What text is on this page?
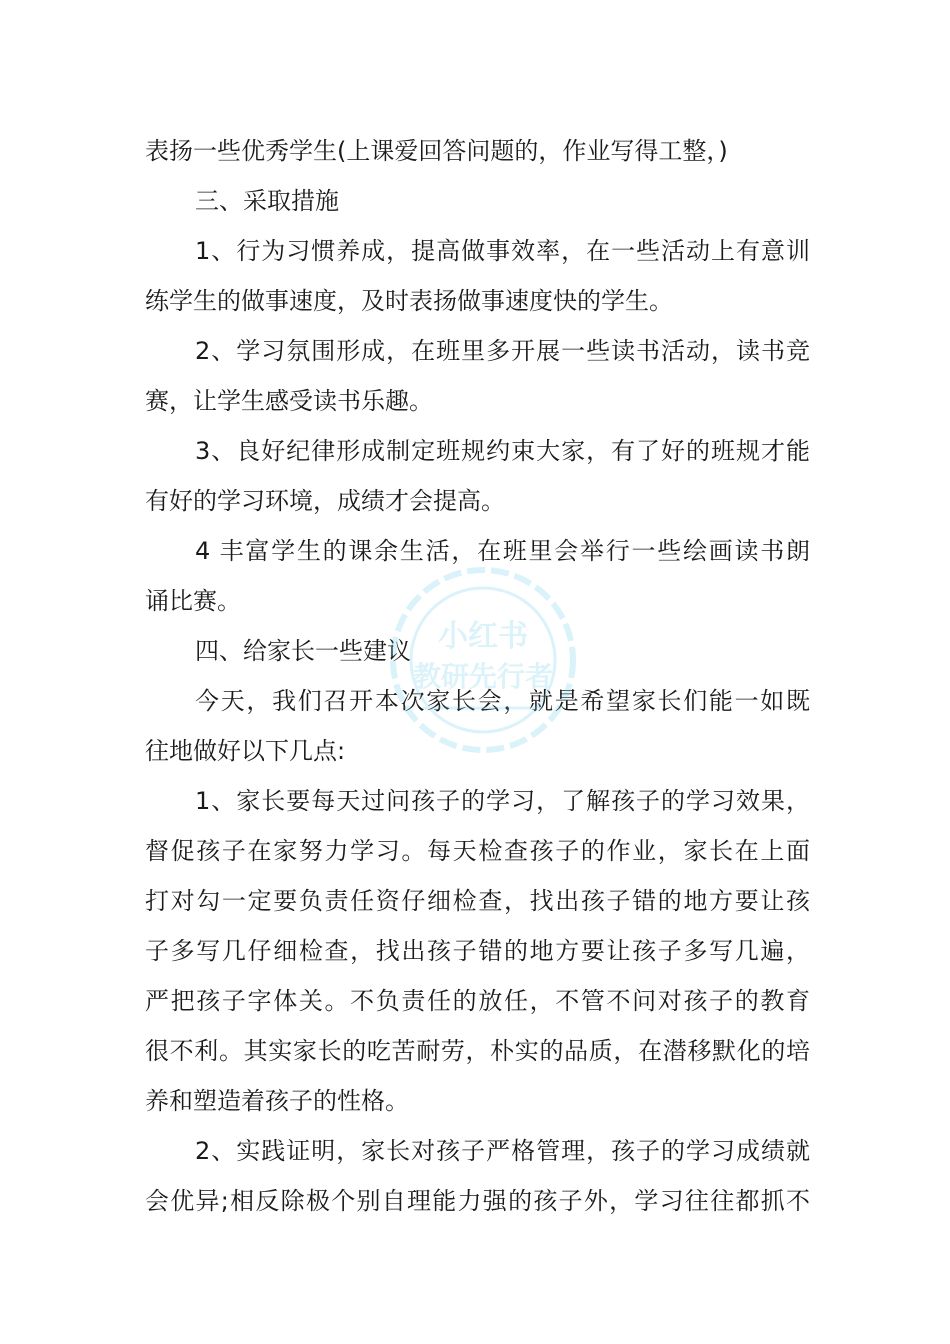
表扬一些优秀学生(上课爱回答问题的，作业写得工整，)
三、采取措施
1、行为习惯养成，提高做事效率，在一些活动上有意训
练学生的做事速度，及时表扬做事速度快的学生。
2、学习氛围形成，在班里多开展一些读书活动，读书竞
赛，让学生感受读书乐趣。
3、良好纪律形成制定班规约束大家，有了好的班规才能
有好的学习环境，成绩才会提高。
4 丰富学生的课余生活，在班里会举行一些绘画读书朗
诵比赛。
四、给家长一些建议
今天，我们召开本次家长会，就是希望家长们能一如既
往地做好以下几点:
1、家长要每天过问孩子的学习，了解孩子的学习效果，
督促孩子在家努力学习。每天检查孩子的作业，家长在上面
打对勾一定要负责任资仔细检查，找出孩子错的地方要让孩
子多写几仔细检查，找出孩子错的地方要让孩子多写几遍，
严把孩子字体关。不负责任的放任，不管不问对孩子的教育
很不利。其实家长的吃苦耐劳，朴实的品质，在潜移默化的培
养和塑造着孩子的性格。
2、实践证明，家长对孩子严格管理，孩子的学习成绩就
会优异;相反除极个别自理能力强的孩子外，学习往往都抓不
小红书
教研先行者
